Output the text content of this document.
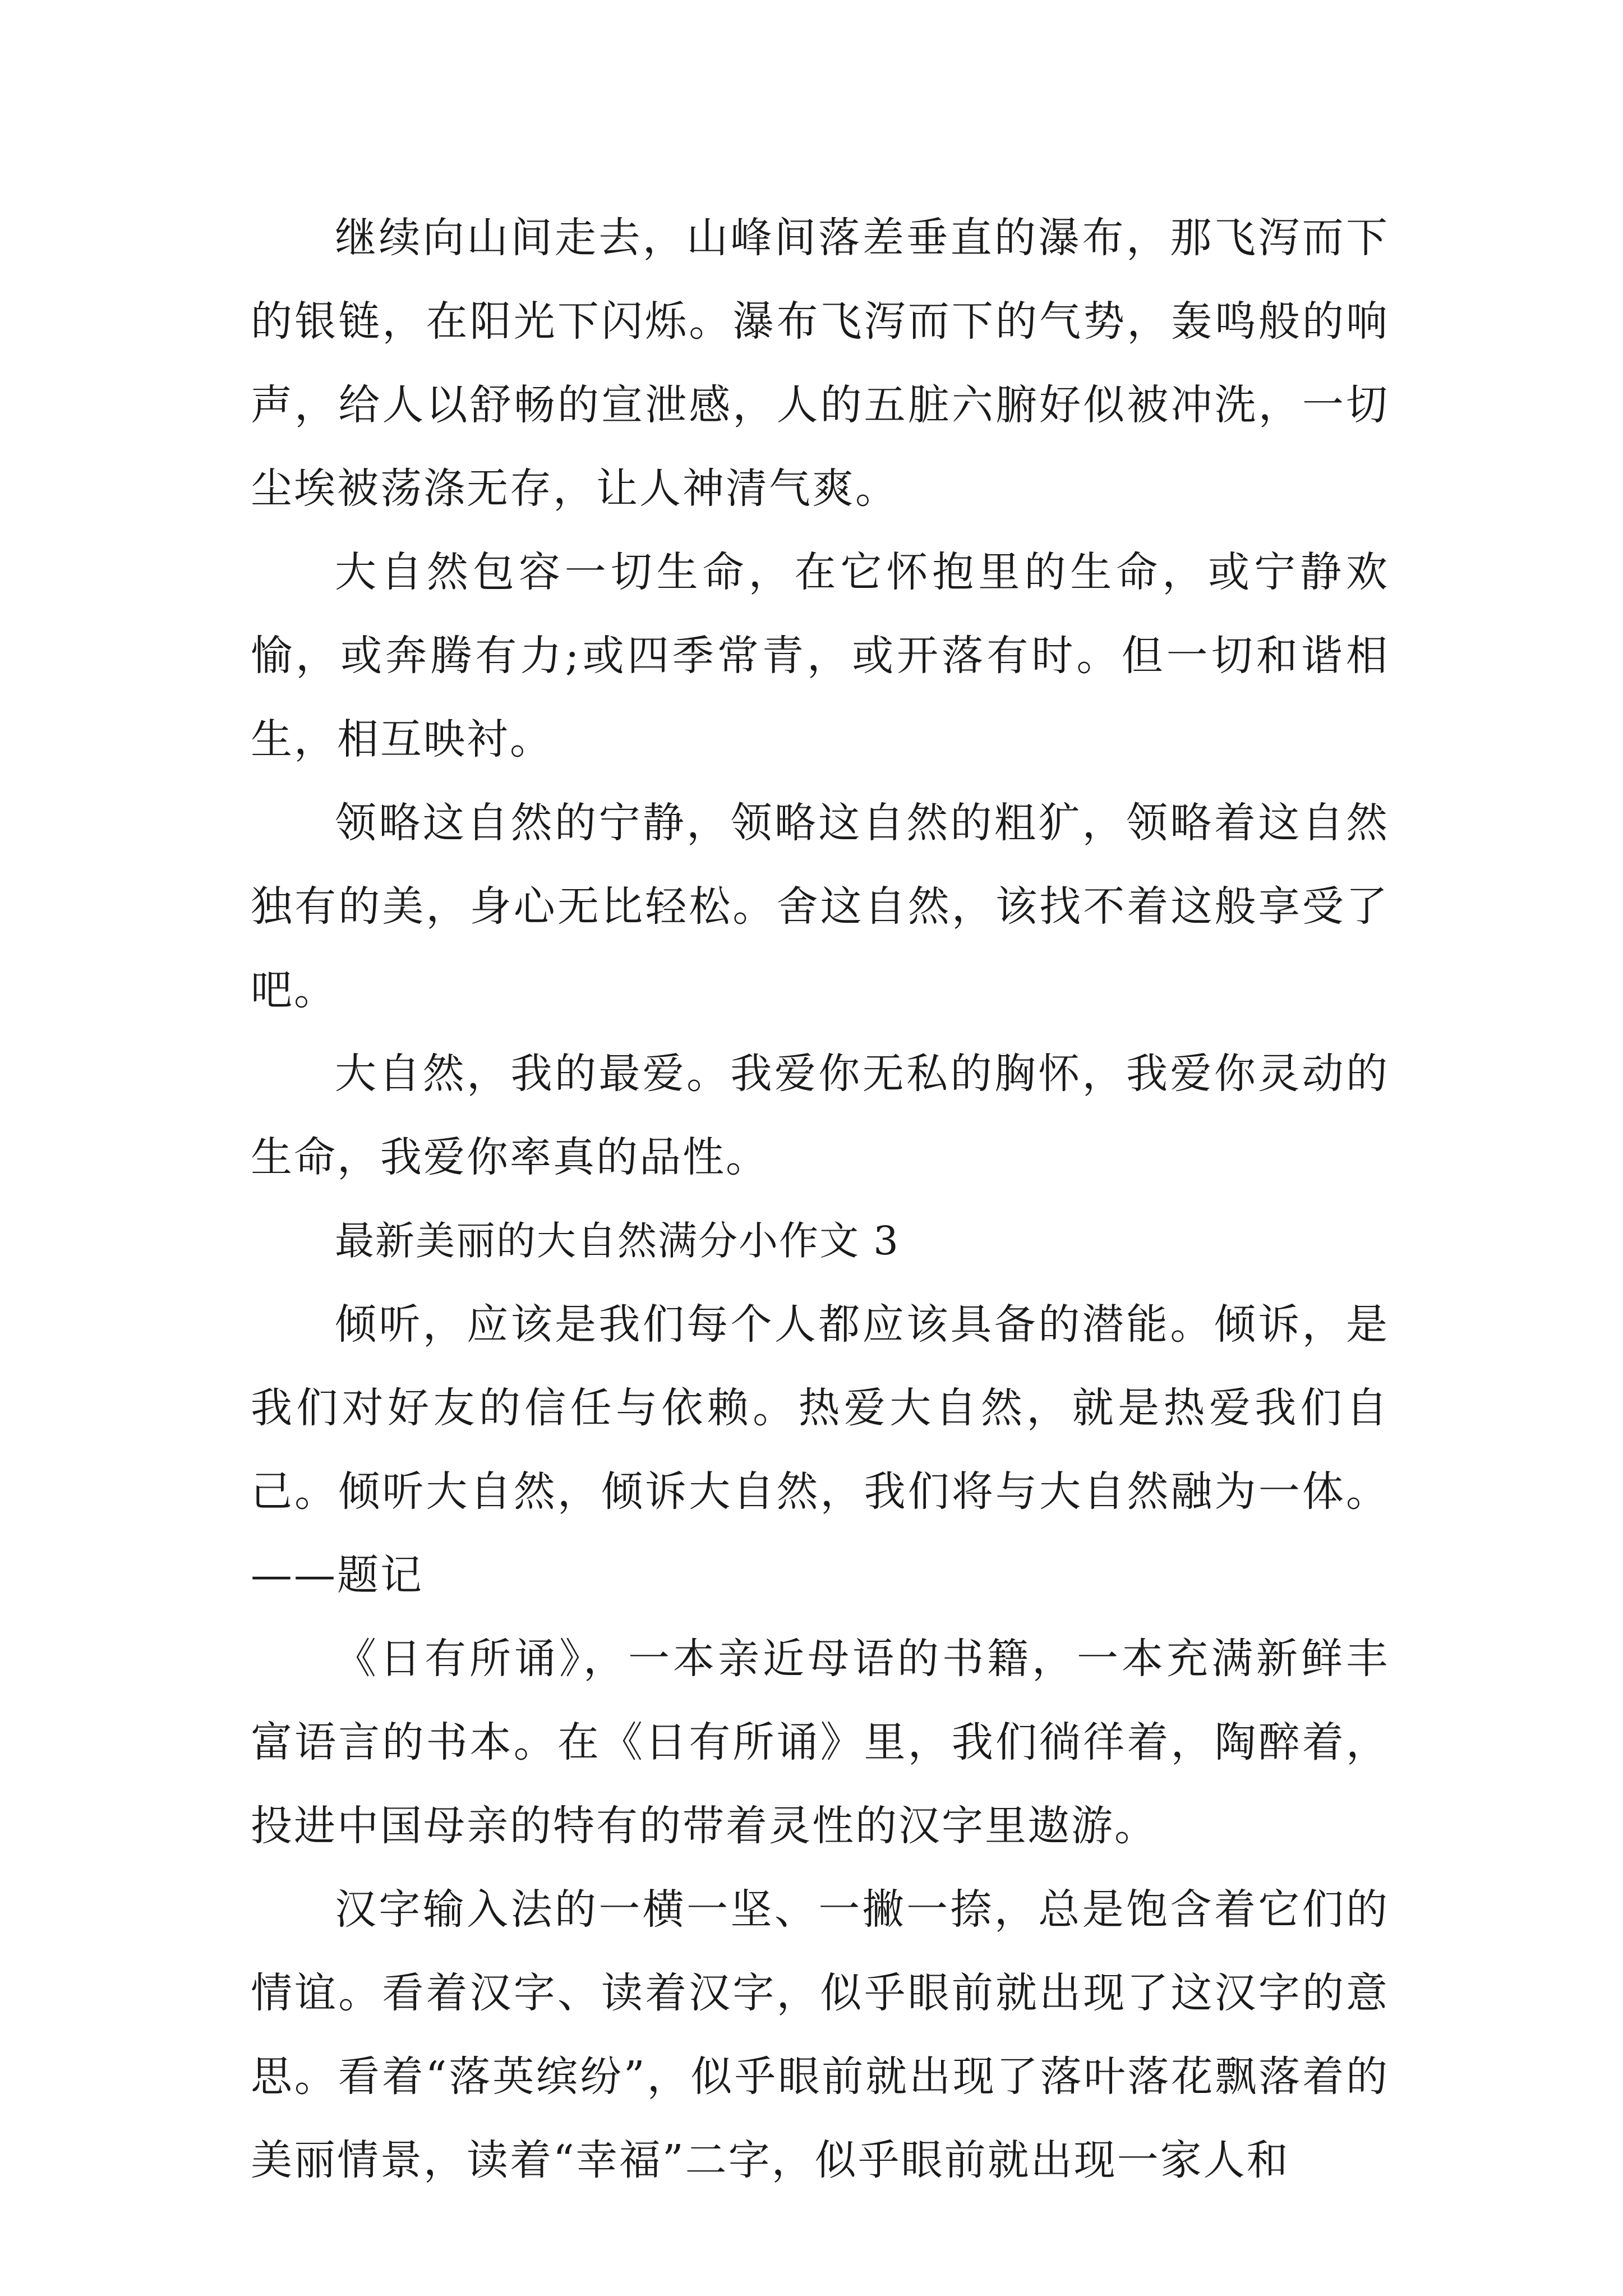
继续向山间走去，山峰间落差垂直的瀑布，那飞泻而下的银链，在阳光下闪烁。瀑布飞泻而下的气势，轰鸣般的响声，给人以舒畅的宣泄感，人的五脏六腑好似被冲洗，一切尘埃被荡涤无存，让人神清气爽。

大自然包容一切生命，在它怀抱里的生命，或宁静欢愉，或奔腾有力;或四季常青，或开落有时。但一切和谐相生，相互映衬。

领略这自然的宁静，领略这自然的粗犷，领略着这自然独有的美，身心无比轻松。舍这自然，该找不着这般享受了吧。

大自然，我的最爱。我爱你无私的胸怀，我爱你灵动的生命，我爱你率真的品性。

最新美丽的大自然满分小作文 3

倾听，应该是我们每个人都应该具备的潜能。倾诉，是我们对好友的信任与依赖。热爱大自然，就是热爱我们自己。倾听大自然，倾诉大自然，我们将与大自然融为一体。——题记

《日有所诵》，一本亲近母语的书籍，一本充满新鲜丰富语言的书本。在《日有所诵》里，我们徜徉着，陶醉着，投进中国母亲的特有的带着灵性的汉字里遨游。

汉字输入法的一横一坚、一撇一捺，总是饱含着它们的情谊。看着汉字、读着汉字，似乎眼前就出现了这汉字的意思。看着“落英缤纷”，似乎眼前就出现了落叶落花飘落着的美丽情景，读着“幸福”二字，似乎眼前就出现一家人和
